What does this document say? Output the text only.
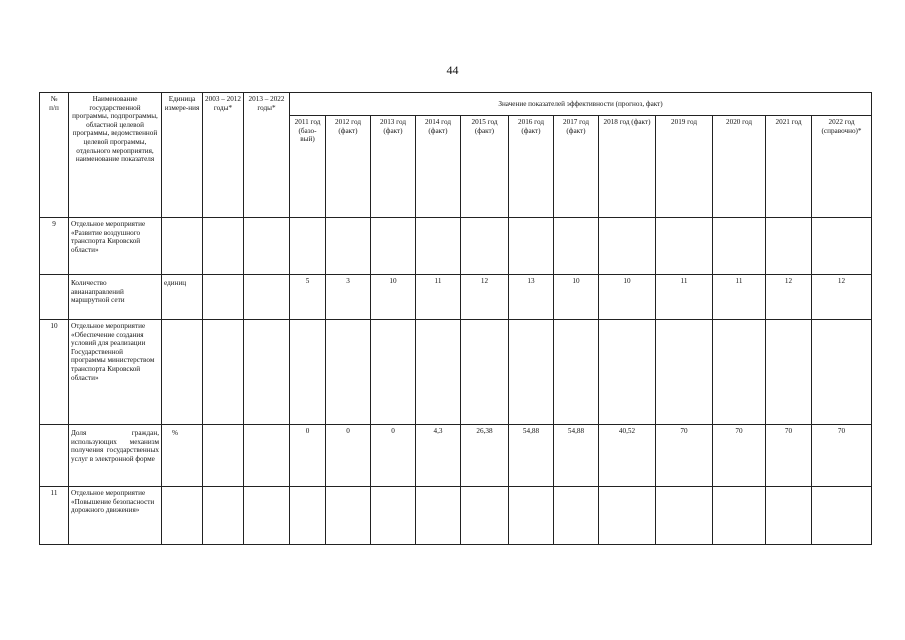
44
№
п/п	Наименование государственной программы, подпрограммы, областной целевой программы, ведомственной целевой программы, отдельного мероприятия, наименование показателя	Единица измере-ния	2003 – 2012 годы*	2013 – 2022 годы*	Значение показателей эффективности (прогноз, факт)											
					2011 год (базо-вый)	2012 год (факт)	2013 год (факт)	2014 год (факт)	2015 год (факт)	2016 год (факт)	2017 год (факт)	2018 год (факт)	2019 год	2020 год	2021 год	2022 год (справочно)*
9	Отдельное мероприятие «Развитие воздушного транспорта Кировской области»															
	Количество авианаправлений маршрутной сети	единиц			5	3	10	11	12	13	10	10	11	11	12	12
10	Отдельное мероприятие «Обеспечение создания условий для реализации Государственной программы министерством транспорта Кировской области»															
	Доля граждан, использующих механизм получения государственных услуг в электронной форме	%			0	0	0	4,3	26,38	54,88	54,88	40,52	70	70	70	70
11	Отдельное мероприятие «Повышение безопасности дорожного движения»															
